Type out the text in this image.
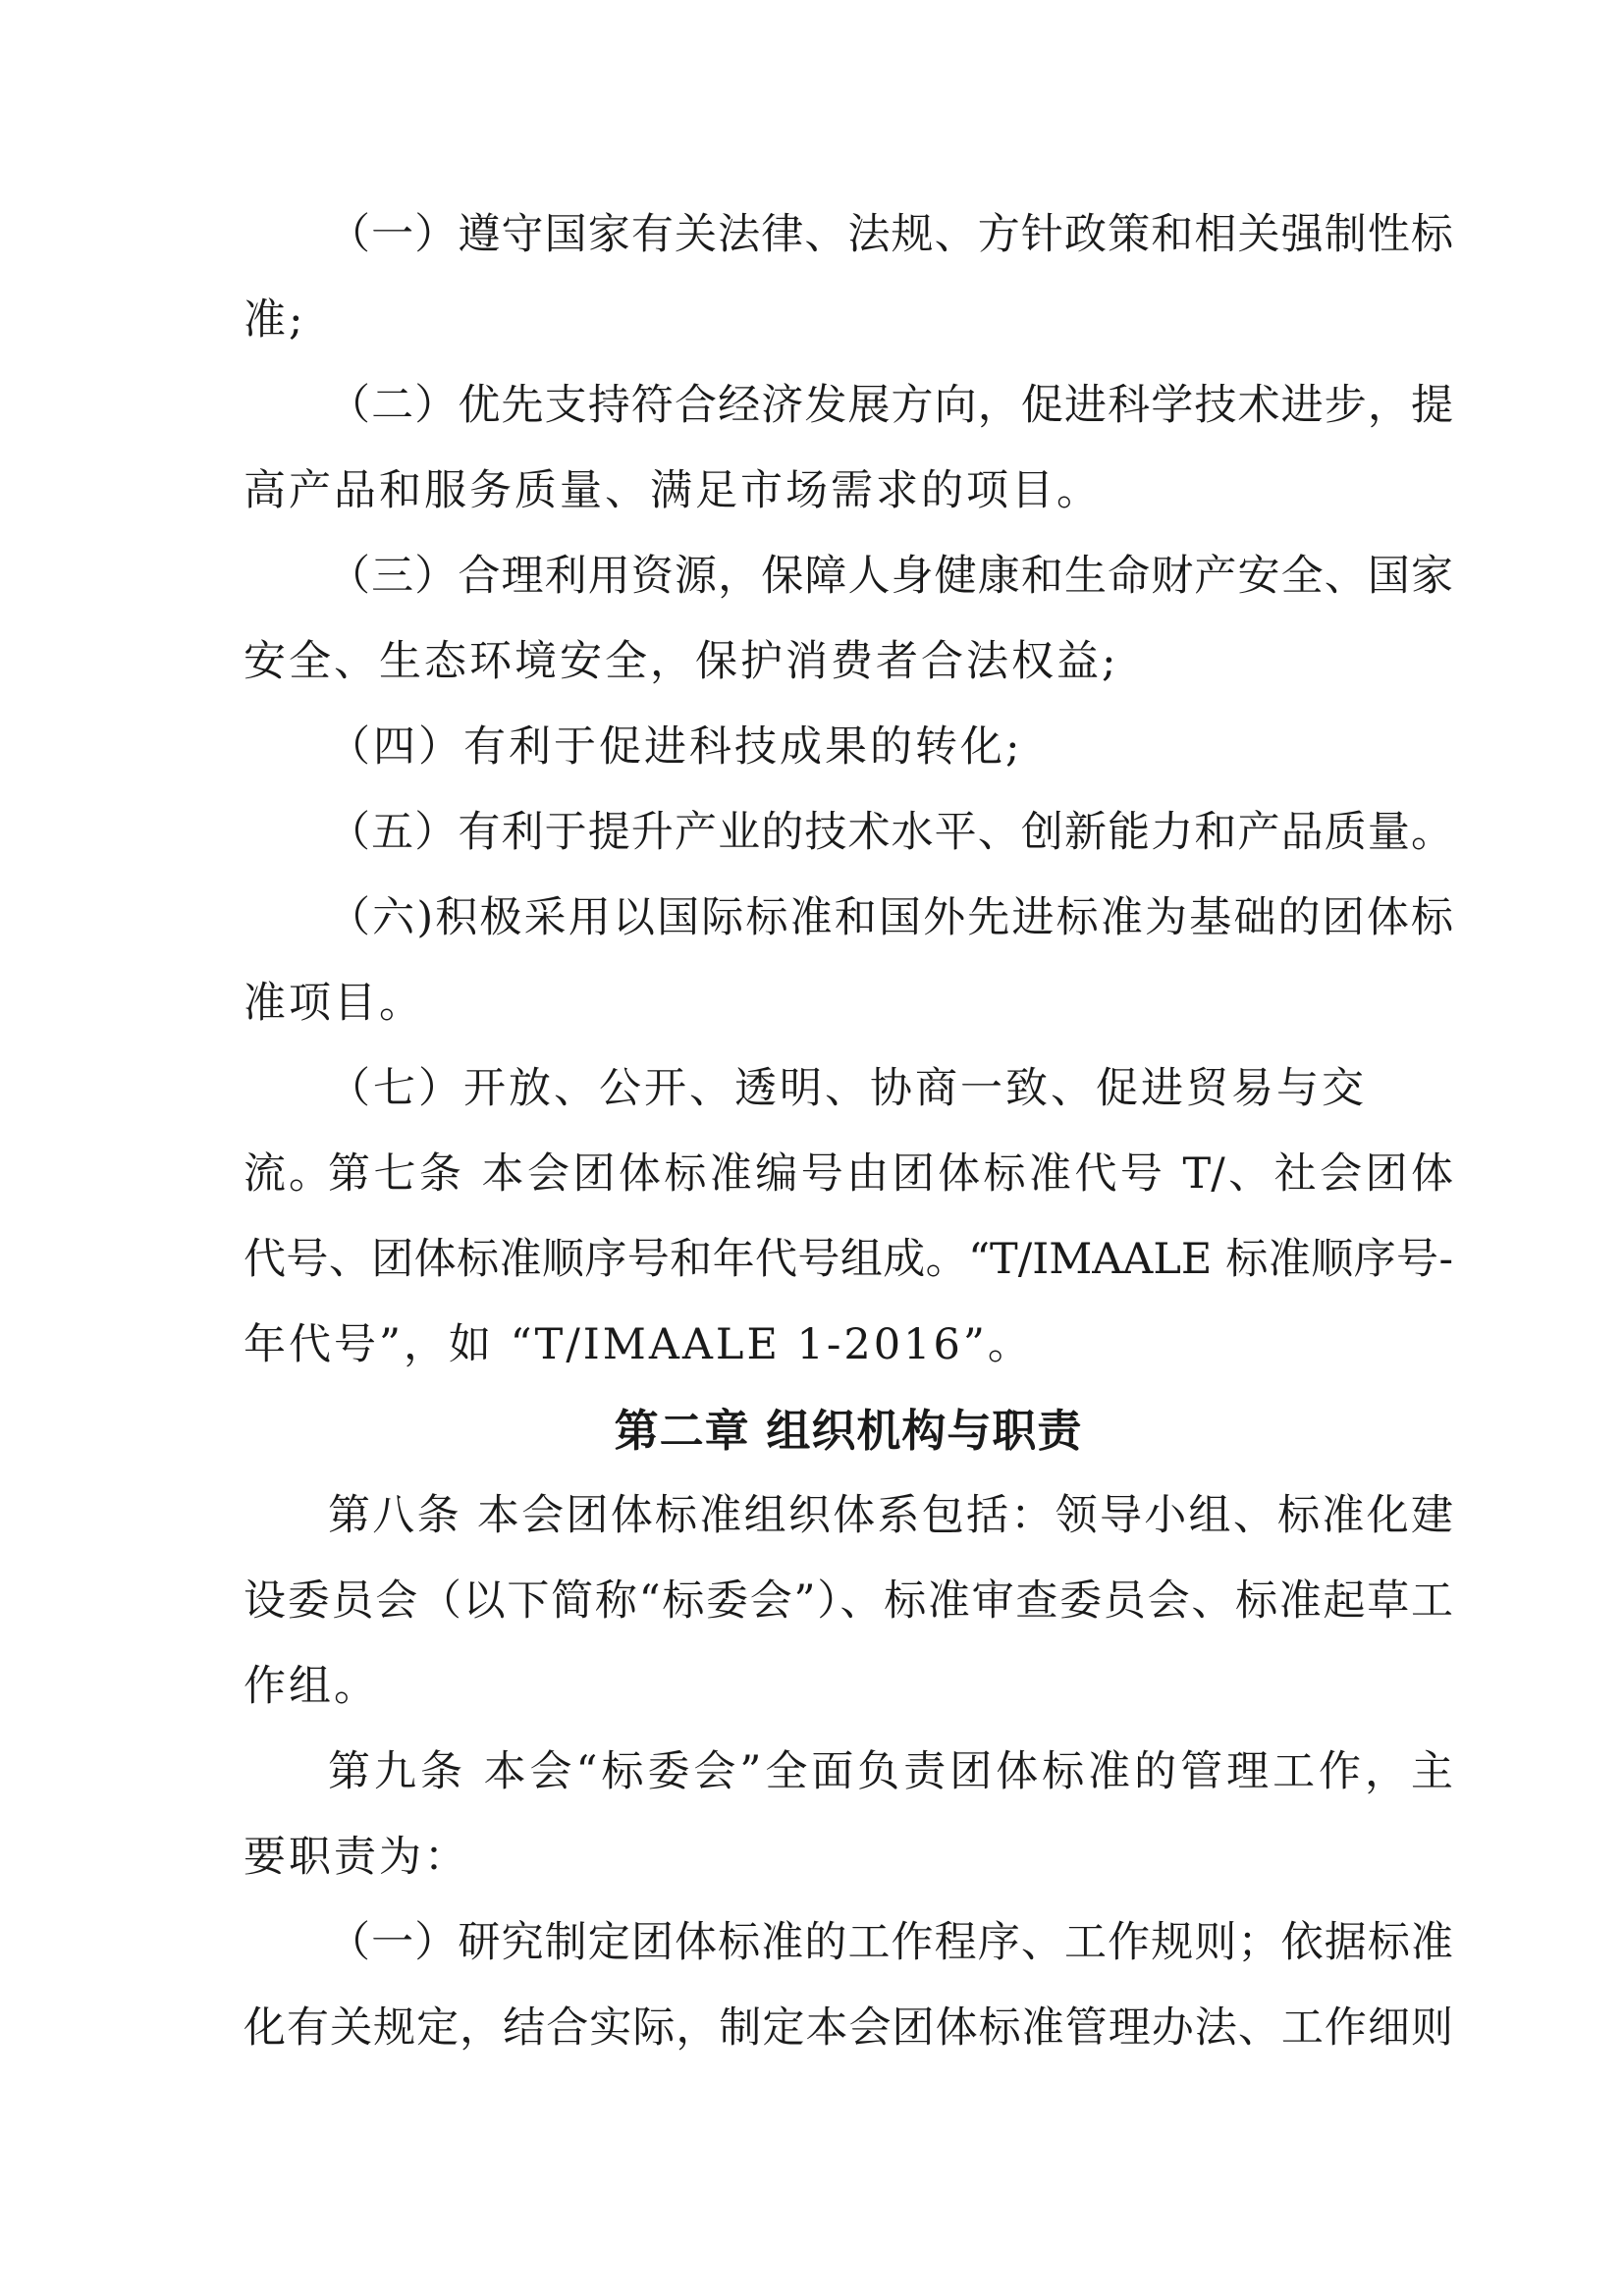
（一）遵守国家有关法律、法规、方针政策和相关强制性标
准;
（二）优先支持符合经济发展方向，促进科学技术进步，提
高产品和服务质量、满足市场需求的项目。
（三）合理利用资源，保障人身健康和生命财产安全、国家
安全、生态环境安全，保护消费者合法权益;
（四）有利于促进科技成果的转化;
（五）有利于提升产业的技术水平、创新能力和产品质量。
（六)积极采用以国际标准和国外先进标准为基础的团体标
准项目。
（七）开放、公开、透明、协商一致、促进贸易与交流。
第七条 本会团体标准编号由团体标准代号 T/、社会团体
代号、团体标准顺序号和年代号组成。“T/IMAALE 标准顺序号-
年代号”，如 “T/IMAALE 1-2016”。
第二章 组织机构与职责
第八条 本会团体标准组织体系包括：领导小组、标准化建
设委员会（以下简称“标委会”）、标准审查委员会、标准起草工
作组。
第九条 本会“标委会”全面负责团体标准的管理工作，主
要职责为：
（一）研究制定团体标准的工作程序、工作规则；依据标准
化有关规定，结合实际，制定本会团体标准管理办法、工作细则
